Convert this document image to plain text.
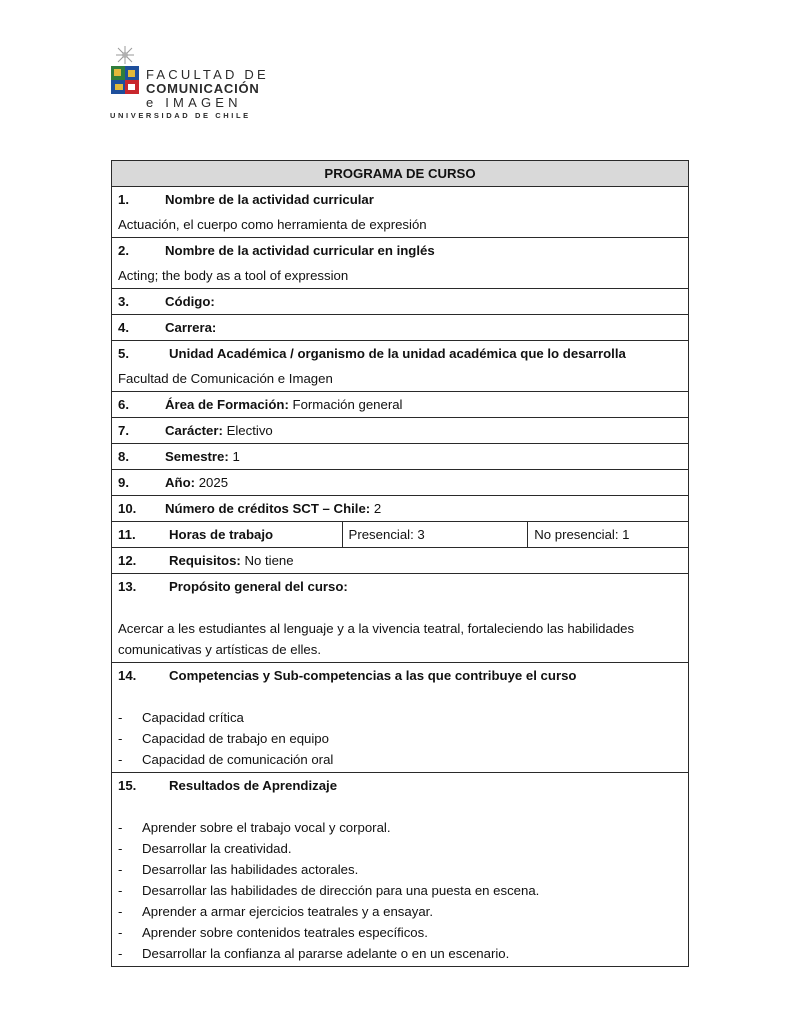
FACULTAD DE
COMUNICACIÓN
e IMAGEN
UNIVERSIDAD DE CHILE
PROGRAMA DE CURSO
1.	Nombre de la actividad curricular
Actuación, el cuerpo como herramienta de expresión
2.	Nombre de la actividad curricular en inglés
Acting; the body as a tool of expression
3.	Código:
4.	Carrera:
5.	Unidad Académica / organismo de la unidad académica que lo desarrolla
Facultad de Comunicación e Imagen
6.	Área de Formación: Formación general
7.	Carácter: Electivo
8.	Semestre: 1
9.	Año: 2025
10. Número de créditos SCT – Chile: 2
11.	Horas de trabajo	Presencial: 3	No presencial: 1
12. Requisitos: No tiene
13. Propósito general del curso:
Acercar a les estudiantes al lenguaje y a la vivencia teatral, fortaleciendo las habilidades comunicativas y artísticas de elles.

14. Competencias y Sub-competencias a las que contribuye el curso
- Capacidad crítica
- Capacidad de trabajo en equipo
- Capacidad de comunicación oral

15. Resultados de Aprendizaje
- Aprender sobre el trabajo vocal y corporal.
- Desarrollar la creatividad.
- Desarrollar las habilidades actorales.
- Desarrollar las habilidades de dirección para una puesta en escena.
- Aprender a armar ejercicios teatrales y a ensayar.
- Aprender sobre contenidos teatrales específicos.
- Desarrollar la confianza al pararse adelante o en un escenario.
